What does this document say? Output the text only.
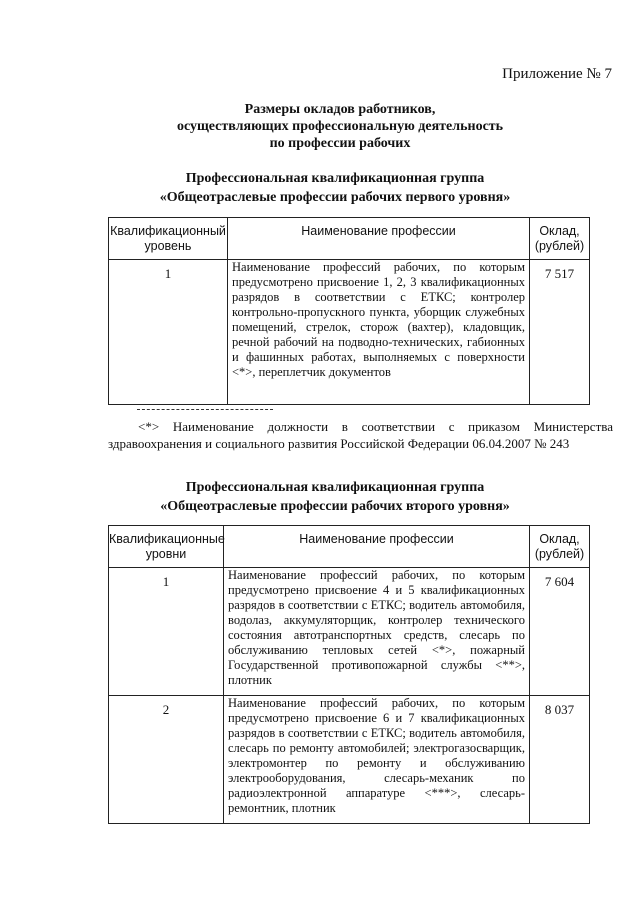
Приложение № 7
Размеры окладов работников,
осуществляющих профессиональную деятельность
по профессии рабочих
Профессиональная квалификационная группа
«Общеотраслевые профессии рабочих первого уровня»
Квалификационный уровень	Наименование профессии	Оклад, (рублей)
1	Наименование профессий рабочих, по которым предусмотрено присвоение 1, 2, 3 квалификационных разрядов в соответствии с ЕТКС; контролер контрольно-пропускного пункта, уборщик служебных помещений, стрелок, сторож (вахтер), кладовщик, речной рабочий на подводно-технических, габионных и фашинных работах, выполняемых с поверхности <*>, переплетчик документов	7 517
<*> Наименование должности в соответствии с приказом Министерства здравоохранения и социального развития Российской Федерации 06.04.2007 № 243
Профессиональная квалификационная группа
«Общеотраслевые профессии рабочих второго уровня»
Квалификационные уровни	Наименование профессии	Оклад, (рублей)
1	Наименование профессий рабочих, по которым предусмотрено присвоение 4 и 5 квалификационных разрядов в соответствии с ЕТКС; водитель автомобиля, водолаз, аккумуляторщик, контролер технического состояния автотранспортных средств, слесарь по обслуживанию тепловых сетей <*>, пожарный Государственной противопожарной службы <**>, плотник	7 604
2	Наименование профессий рабочих, по которым предусмотрено присвоение 6 и 7 квалификационных разрядов в соответствии с ЕТКС; водитель автомобиля, слесарь по ремонту автомобилей; электрогазосварщик, электромонтер по ремонту и обслуживанию электрооборудования, слесарь-механик по радиоэлектронной аппаратуре <***>, слесарь-ремонтник, плотник	8 037
